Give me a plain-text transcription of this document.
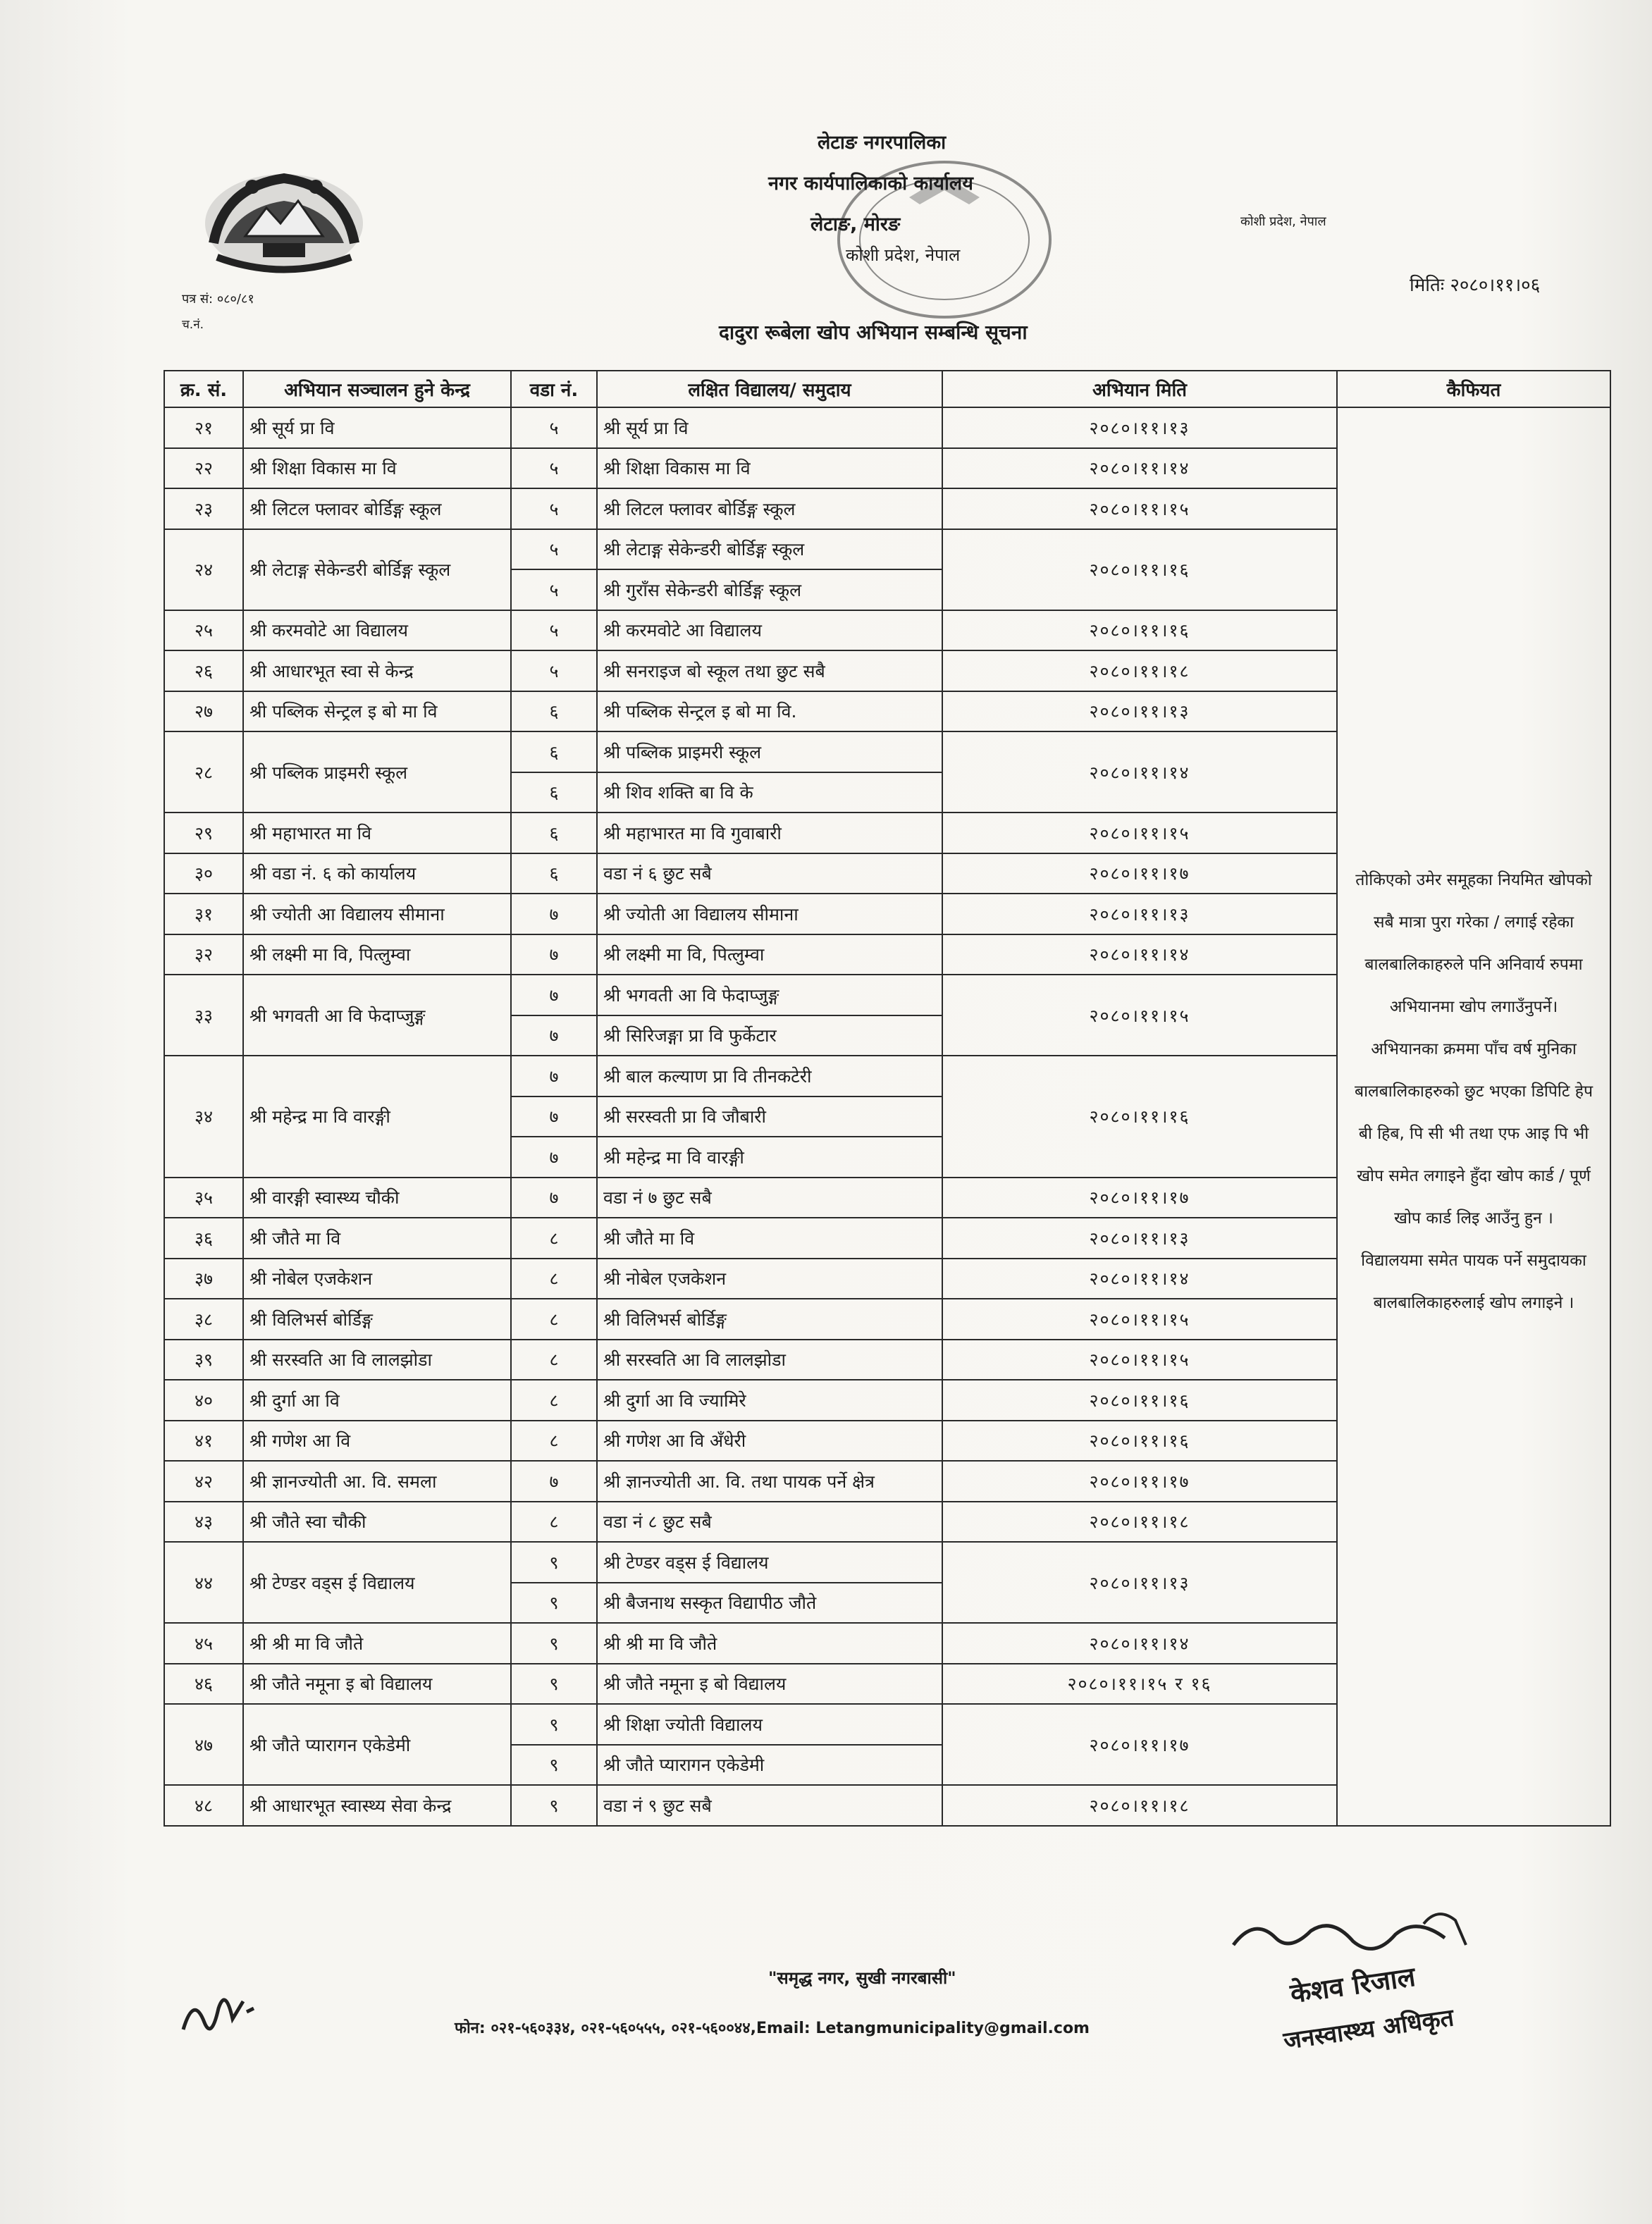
लेटाङ नगरपालिका
नगर कार्यपालिकाको कार्यालय
लेटाङ, मोरङ
कोशी प्रदेश, नेपाल
कोशी प्रदेश, नेपाल
पत्र सं: ०८०/८१
च.नं.
मितिः २०८०।११।०६
दादुरा रूबेला खोप अभियान सम्बन्धि सूचना
क्र. सं.	अभियान सञ्चालन हुने केन्द्र	वडा नं.	लक्षित विद्यालय/ समुदाय	अभियान मिति	कैफियत
२१	श्री सूर्य प्रा वि	५	श्री सूर्य प्रा वि	२०८०।११।१३	तोकिएको उमेर समूहका नियमित खोपको सबै मात्रा पुरा गरेका / लगाई रहेका बालबालिकाहरुले पनि अनिवार्य रुपमा अभियानमा खोप लगाउँनुपर्ने।

अभियानका क्रममा पाँच वर्ष मुनिका बालबालिकाहरुको छुट भएका डिपिटि हेप बी हिब, पि सी भी तथा एफ आइ पि भी खोप समेत लगाइने हुँदा खोप कार्ड / पूर्ण खोप कार्ड लिइ आउँनु हुन ।

विद्यालयमा समेत पायक पर्ने समुदायका बालबालिकाहरुलाई खोप लगाइने ।

२२	श्री शिक्षा विकास मा वि	५	श्री शिक्षा विकास मा वि	२०८०।११।१४	
२३	श्री लिटल फ्लावर बोर्डिङ्ग स्कूल	५	श्री लिटल फ्लावर बोर्डिङ्ग स्कूल	२०८०।११।१५	
२४	श्री लेटाङ्ग सेकेन्डरी बोर्डिङ्ग स्कूल	५	श्री लेटाङ्ग सेकेन्डरी बोर्डिङ्ग स्कूल	२०८०।११।१६	
		५	श्री गुराँस सेकेन्डरी बोर्डिङ्ग स्कूल		
२५	श्री करमवोटे आ विद्यालय	५	श्री करमवोटे आ विद्यालय	२०८०।११।१६	
२६	श्री आधारभूत स्वा से केन्द्र	५	श्री सनराइज बो स्कूल तथा छुट सबै	२०८०।११।१८	
२७	श्री पब्लिक सेन्ट्रल इ बो मा वि	६	श्री पब्लिक सेन्ट्रल इ बो मा वि.	२०८०।११।१३	
२८	श्री पब्लिक प्राइमरी स्कूल	६	श्री पब्लिक प्राइमरी स्कूल	२०८०।११।१४	
		६	श्री शिव शक्ति बा वि के		
२९	श्री महाभारत मा वि	६	श्री महाभारत मा वि गुवाबारी	२०८०।११।१५	
३०	श्री वडा नं. ६ को कार्यालय	६	वडा नं ६ छुट सबै	२०८०।११।१७	
३१	श्री ज्योती आ विद्यालय सीमाना	७	श्री ज्योती आ विद्यालय सीमाना	२०८०।११।१३	
३२	श्री लक्ष्मी मा वि, पित्लुम्वा	७	श्री लक्ष्मी मा वि, पित्लुम्वा	२०८०।११।१४	
३३	श्री भगवती आ वि फेदाप्जुङ्ग	७	श्री भगवती आ वि फेदाप्जुङ्ग	२०८०।११।१५	
		७	श्री सिरिजङ्गा प्रा वि फुर्केटार		
३४	श्री महेन्द्र मा वि वारङ्गी	७	श्री बाल कल्याण प्रा वि तीनकटेरी	२०८०।११।१६	
		७	श्री सरस्वती प्रा वि जौबारी		
		७	श्री महेन्द्र मा वि वारङ्गी		
३५	श्री वारङ्गी स्वास्थ्य चौकी	७	वडा नं ७ छुट सबै	२०८०।११।१७	
३६	श्री जौते मा वि	८	श्री जौते मा वि	२०८०।११।१३	
३७	श्री नोबेल एजकेशन	८	श्री नोबेल एजकेशन	२०८०।११।१४	
३८	श्री विलिभर्स बोर्डिङ्ग	८	श्री विलिभर्स बोर्डिङ्ग	२०८०।११।१५	
३९	श्री सरस्वति आ वि लालझोडा	८	श्री सरस्वति आ वि लालझोडा	२०८०।११।१५	
४०	श्री दुर्गा आ वि	८	श्री दुर्गा आ वि ज्यामिरे	२०८०।११।१६	
४१	श्री गणेश आ वि	८	श्री गणेश आ वि अँधेरी	२०८०।११।१६	
४२	श्री ज्ञानज्योती आ. वि. समला	७	श्री ज्ञानज्योती आ. वि. तथा पायक पर्ने क्षेत्र	२०८०।११।१७	
४३	श्री जौते स्वा चौकी	८	वडा नं ८ छुट सबै	२०८०।११।१८	
४४	श्री टेण्डर वड्स ई विद्यालय	९	श्री टेण्डर वड्स ई विद्यालय	२०८०।११।१३	
		९	श्री बैजनाथ सस्कृत विद्यापीठ जौते		
४५	श्री श्री मा वि जौते	९	श्री श्री मा वि जौते	२०८०।११।१४	
४६	श्री जौते नमूना इ बो विद्यालय	९	श्री जौते नमूना इ बो विद्यालय	२०८०।११।१५ र १६	
४७	श्री जौते प्यारागन एकेडेमी	९	श्री शिक्षा ज्योती विद्यालय	२०८०।११।१७	
		९	श्री जौते प्यारागन एकेडेमी		
४८	श्री आधारभूत स्वास्थ्य सेवा केन्द्र	९	वडा नं ९ छुट सबै	२०८०।११।१८	
"समृद्ध नगर, सुखी नगरबासी"
फोन: ०२१-५६०३३४, ०२१-५६०५५५, ०२१-५६००४४,Email: Letangmunicipality@gmail.com
केशव रिजाल
जनस्वास्थ्य अधिकृत
